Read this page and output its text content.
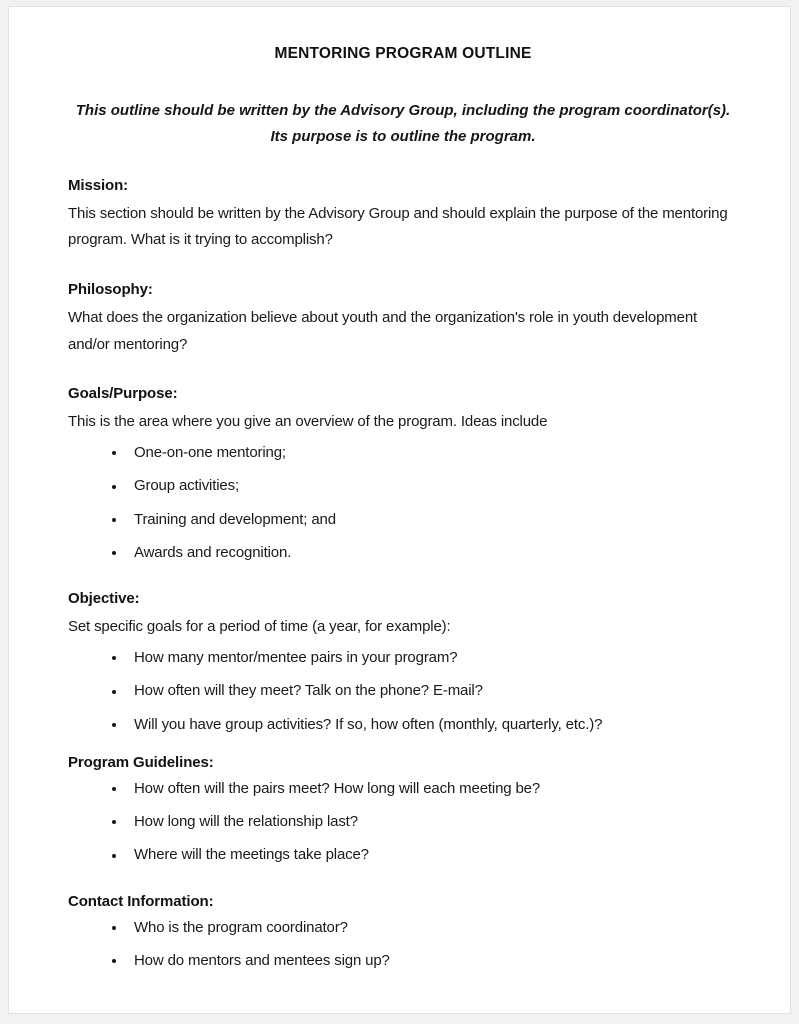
MENTORING PROGRAM OUTLINE
This outline should be written by the Advisory Group, including the program coordinator(s).
Its purpose is to outline the program.
Mission:

This section should be written by the Advisory Group and should explain the purpose of the mentoring program. What is it trying to accomplish?

Philosophy:

What does the organization believe about youth and the organization's role in youth development and/or mentoring?

Goals/Purpose:

This is the area where you give an overview of the program. Ideas include

One-on-one mentoring;
Group activities;
Training and development; and
Awards and recognition.
Objective:

Set specific goals for a period of time (a year, for example):

How many mentor/mentee pairs in your program?
How often will they meet? Talk on the phone? E-mail?
Will you have group activities? If so, how often (monthly, quarterly, etc.)?
Program Guidelines:
How often will the pairs meet? How long will each meeting be?
How long will the relationship last?
Where will the meetings take place?
Contact Information:
Who is the program coordinator?
How do mentors and mentees sign up?
